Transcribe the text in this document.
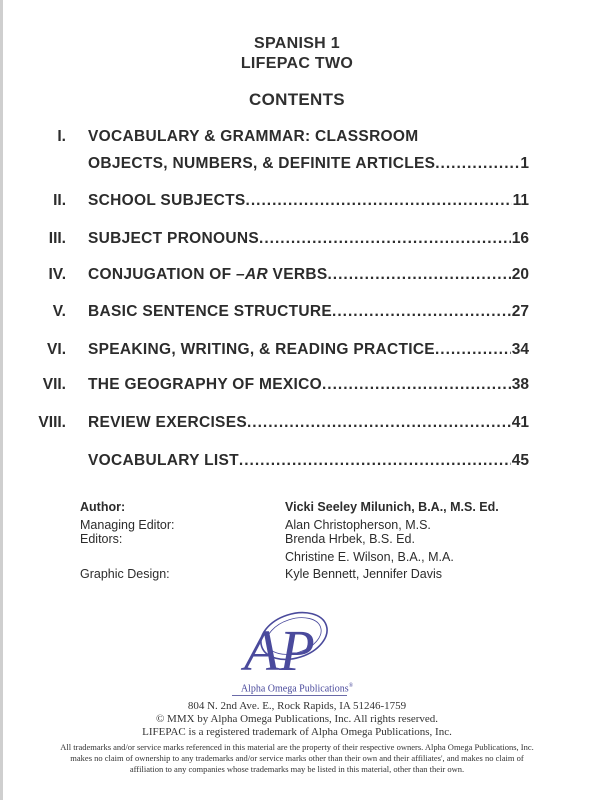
SPANISH 1
LIFEPAC TWO
CONTENTS
I. VOCABULARY & GRAMMAR: CLASSROOM
OBJECTS, NUMBERS, & DEFINITE ARTICLES .....	1
II. SCHOOL SUBJECTS .....	11
III. SUBJECT PRONOUNS .....	16
IV. CONJUGATION OF –AR VERBS .....	20
V. BASIC SENTENCE STRUCTURE .....	27
VI. SPEAKING, WRITING, & READING PRACTICE .....	34
VII. THE GEOGRAPHY OF MEXICO .....	38
VIII. REVIEW EXERCISES .....	41
VOCABULARY LIST .....	45
Author:	Vicki Seeley Milunich, B.A., M.S. Ed.
Managing Editor:	Alan Christopherson, M.S.
Editors:	Brenda Hrbek, B.S. Ed.
Christine E. Wilson, B.A., M.A.
Graphic Design:	Kyle Bennett, Jennifer Davis
AP
Alpha Omega Publications®
804 N. 2nd Ave. E., Rock Rapids, IA 51246-1759
© MMX by Alpha Omega Publications, Inc. All rights reserved.
LIFEPAC is a registered trademark of Alpha Omega Publications, Inc.
All trademarks and/or service marks referenced in this material are the property of their respective owners. Alpha Omega Publications, Inc.
makes no claim of ownership to any trademarks and/or service marks other than their own and their affiliates', and makes no claim of
affiliation to any companies whose trademarks may be listed in this material, other than their own.
